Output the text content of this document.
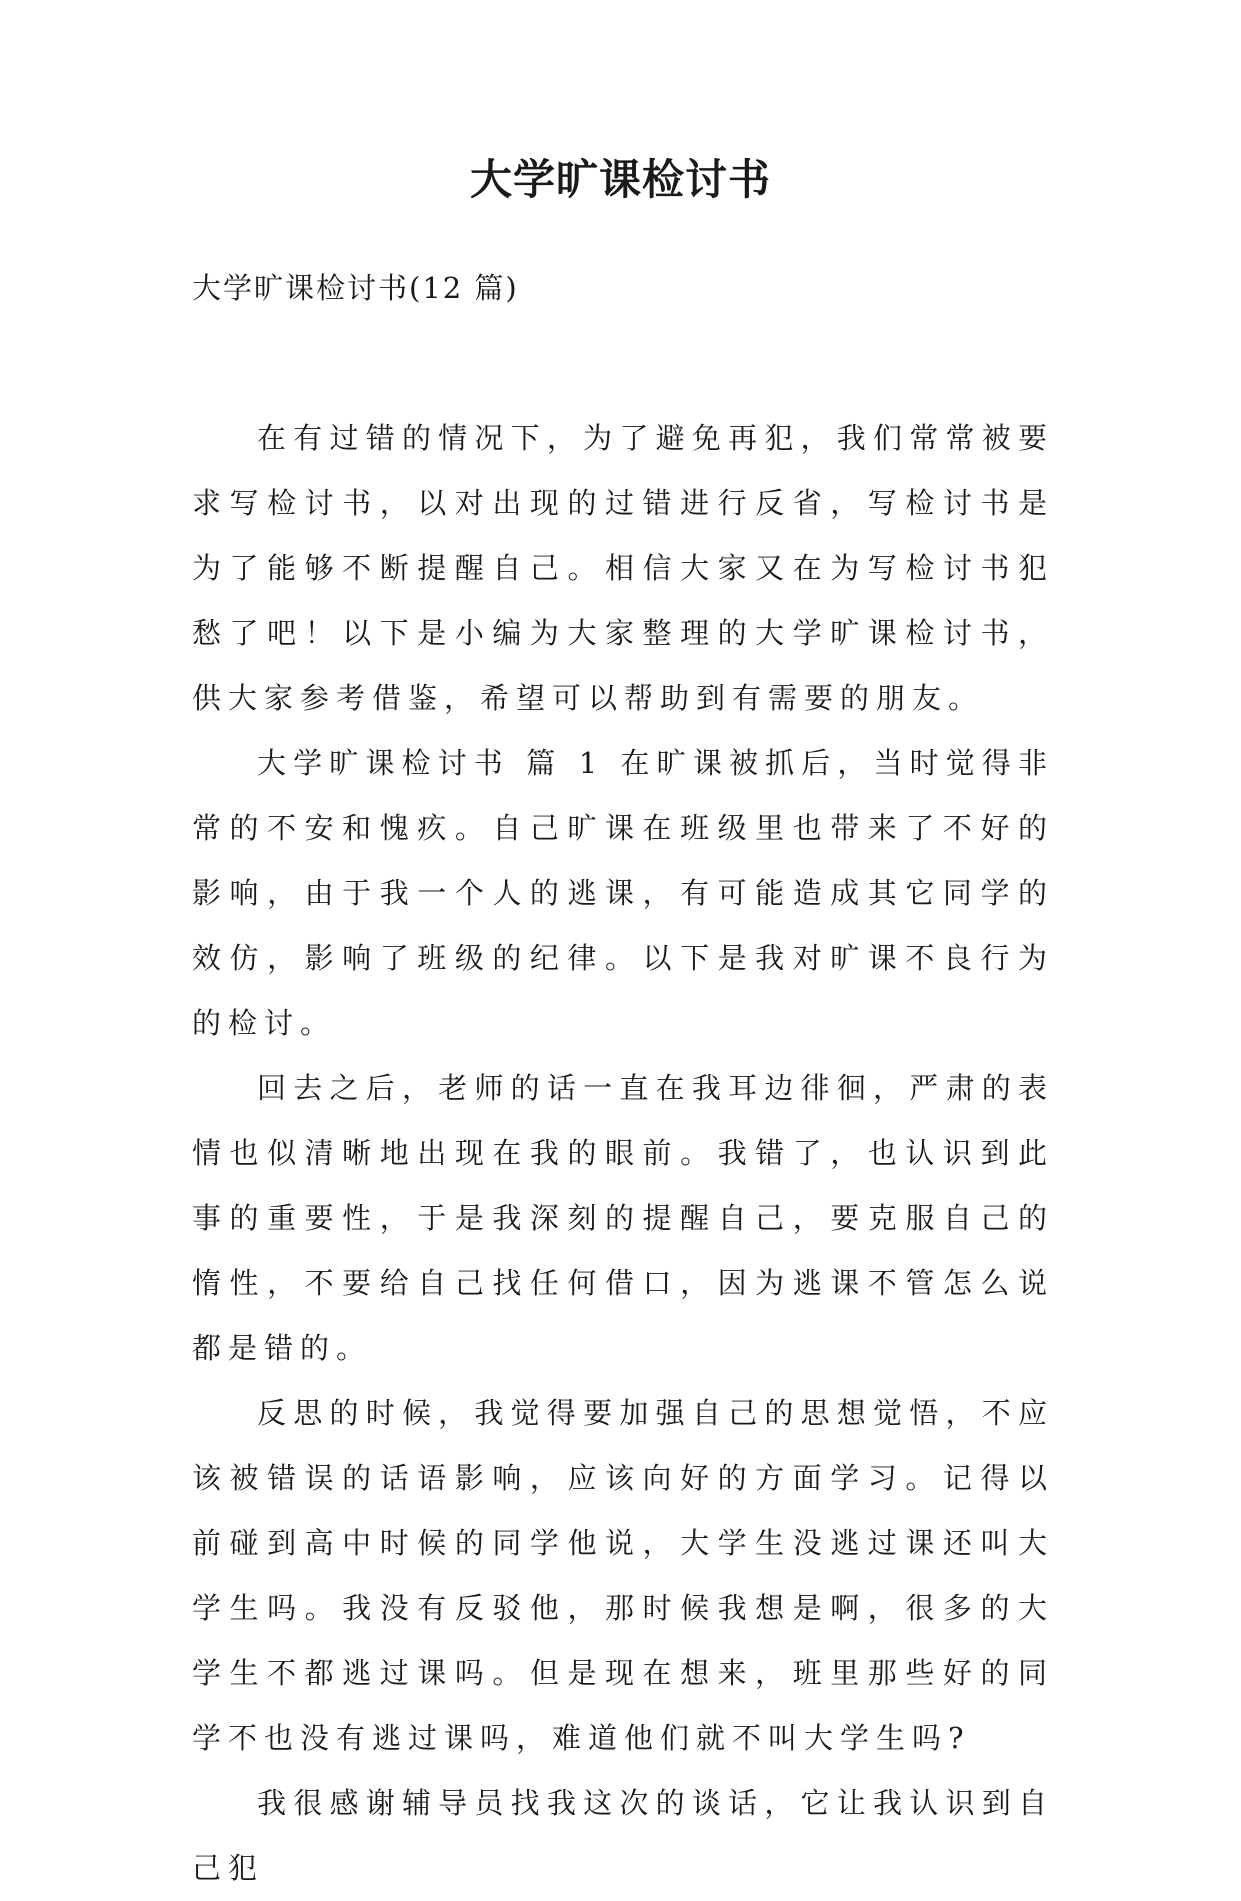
大学旷课检讨书

大学旷课检讨书(12 篇)

在有过错的情况下，为了避免再犯，我们常常被要求写检讨书，以对出现的过错进行反省，写检讨书是为了能够不断提醒自己。相信大家又在为写检讨书犯愁了吧！以下是小编为大家整理的大学旷课检讨书，供大家参考借鉴，希望可以帮助到有需要的朋友。

大学旷课检讨书 篇 1 在旷课被抓后，当时觉得非常的不安和愧疚。自己旷课在班级里也带来了不好的影响，由于我一个人的逃课，有可能造成其它同学的效仿，影响了班级的纪律。以下是我对旷课不良行为的检讨。

回去之后，老师的话一直在我耳边徘徊，严肃的表情也似清晰地出现在我的眼前。我错了，也认识到此事的重要性，于是我深刻的提醒自己，要克服自己的惰性，不要给自己找任何借口，因为逃课不管怎么说都是错的。

反思的时候，我觉得要加强自己的思想觉悟，不应该被错误的话语影响，应该向好的方面学习。记得以前碰到高中时候的同学他说，大学生没逃过课还叫大学生吗。我没有反驳他，那时候我想是啊，很多的大学生不都逃过课吗。但是现在想来，班里那些好的同学不也没有逃过课吗，难道他们就不叫大学生吗?

我很感谢辅导员找我这次的谈话，它让我认识到自己犯
